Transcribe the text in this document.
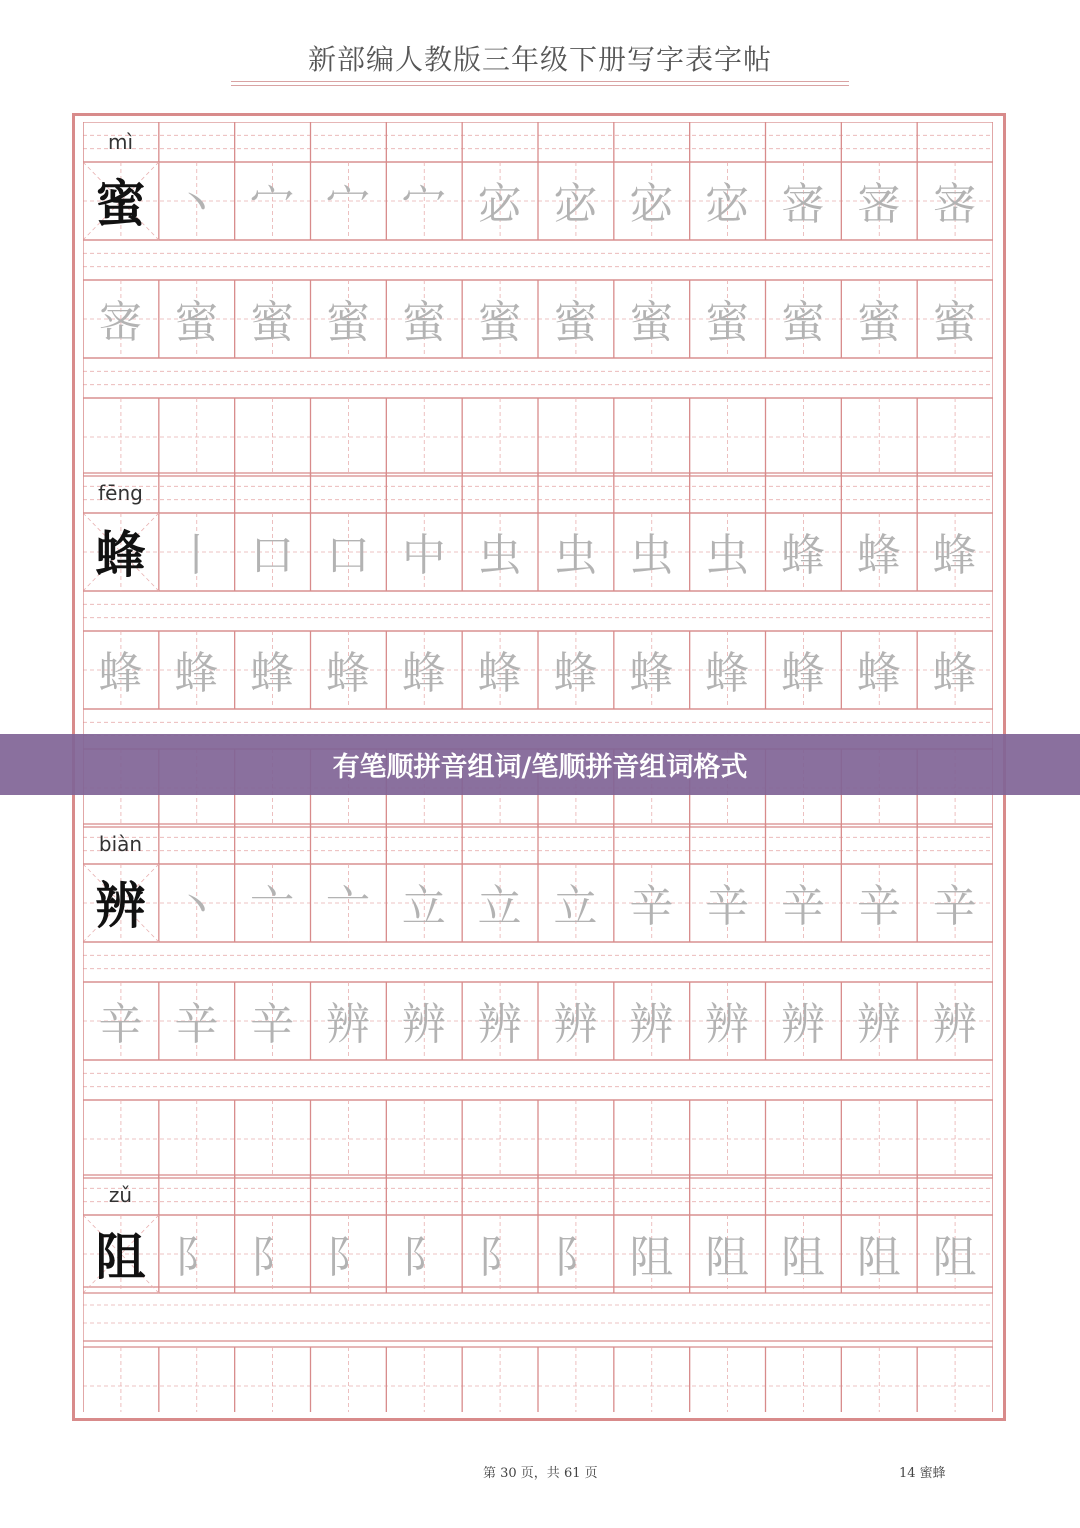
新部编人教版三年级下册写字表字帖
mì
蜜 丶 宀 宀 宀 宓 宓 宓 宓 宻 宻 宻
宻 蜜 蜜 蜜 蜜 蜜 蜜 蜜 蜜 蜜 蜜 蜜
fēng
蜂 丨 口 口 中 虫 虫 虫 虫 蜂 蜂 蜂
蜂 蜂 蜂 蜂 蜂 蜂 蜂 蜂 蜂 蜂 蜂 蜂
biàn
辨 丶 亠 亠 立 立 立 辛 辛 辛 辛 辛
辛 辛 辛 辨 辨 辨 辨 辨 辨 辨 辨 辨
zǔ
阻 阝 阝 阝 阝 阝 阝 阻 阻 阻 阻 阻
有笔顺拼音组词/笔顺拼音组词格式
第 30 页，共 61 页	14 蜜蜂
